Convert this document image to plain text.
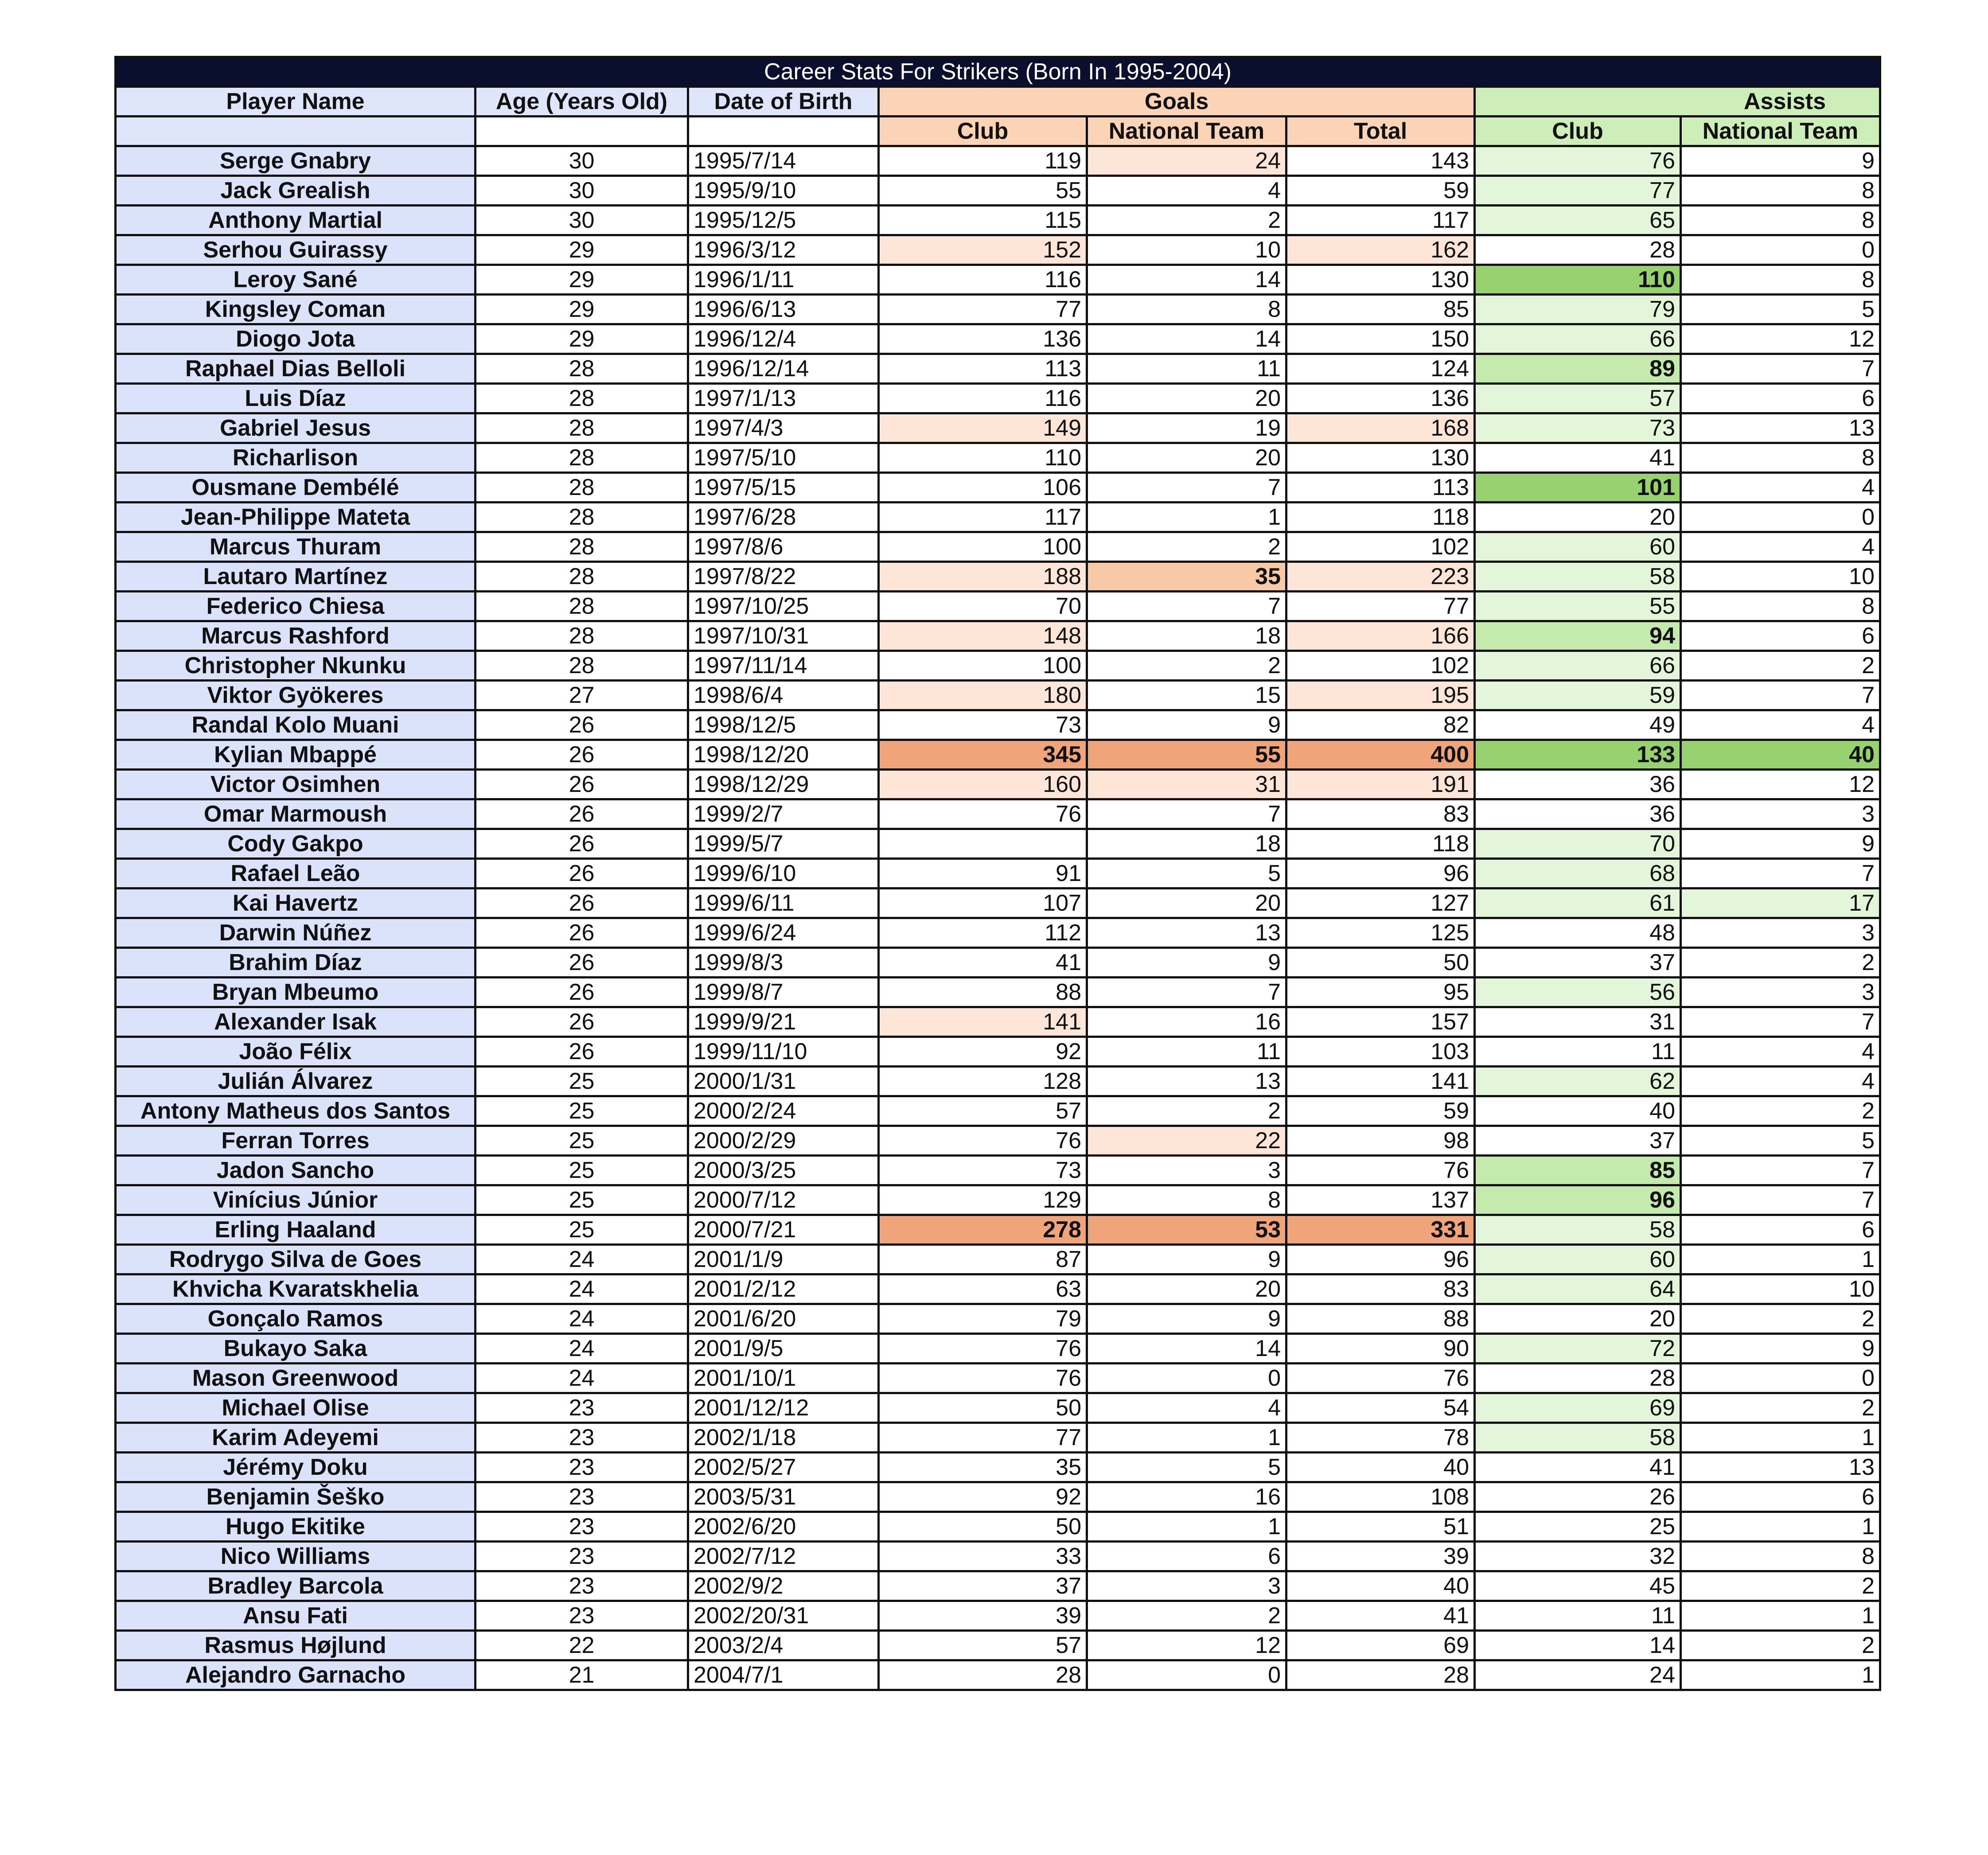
Career Stats For Strikers (Born In 1995-2004)							
Player Name	Age (Years Old)	Date of Birth	Goals			Assists	
			Club	National Team	Total	Club	National Team
Serge Gnabry	30	1995/7/14	119	24	143	76	9
Jack Grealish	30	1995/9/10	55	4	59	77	8
Anthony Martial	30	1995/12/5	115	2	117	65	8
Serhou Guirassy	29	1996/3/12	152	10	162	28	0
Leroy Sané	29	1996/1/11	116	14	130	110	8
Kingsley Coman	29	1996/6/13	77	8	85	79	5
Diogo Jota	29	1996/12/4	136	14	150	66	12
Raphael Dias Belloli	28	1996/12/14	113	11	124	89	7
Luis Díaz	28	1997/1/13	116	20	136	57	6
Gabriel Jesus	28	1997/4/3	149	19	168	73	13
Richarlison	28	1997/5/10	110	20	130	41	8
Ousmane Dembélé	28	1997/5/15	106	7	113	101	4
Jean-Philippe Mateta	28	1997/6/28	117	1	118	20	0
Marcus Thuram	28	1997/8/6	100	2	102	60	4
Lautaro Martínez	28	1997/8/22	188	35	223	58	10
Federico Chiesa	28	1997/10/25	70	7	77	55	8
Marcus Rashford	28	1997/10/31	148	18	166	94	6
Christopher Nkunku	28	1997/11/14	100	2	102	66	2
Viktor Gyökeres	27	1998/6/4	180	15	195	59	7
Randal Kolo Muani	26	1998/12/5	73	9	82	49	4
Kylian Mbappé	26	1998/12/20	345	55	400	133	40
Victor Osimhen	26	1998/12/29	160	31	191	36	12
Omar Marmoush	26	1999/2/7	76	7	83	36	3
Cody Gakpo	26	1999/5/7		18	118	70	9
Rafael Leão	26	1999/6/10	91	5	96	68	7
Kai Havertz	26	1999/6/11	107	20	127	61	17
Darwin Núñez	26	1999/6/24	112	13	125	48	3
Brahim Díaz	26	1999/8/3	41	9	50	37	2
Bryan Mbeumo	26	1999/8/7	88	7	95	56	3
Alexander Isak	26	1999/9/21	141	16	157	31	7
João Félix	26	1999/11/10	92	11	103	11	4
Julián Álvarez	25	2000/1/31	128	13	141	62	4
Antony Matheus dos Santos	25	2000/2/24	57	2	59	40	2
Ferran Torres	25	2000/2/29	76	22	98	37	5
Jadon Sancho	25	2000/3/25	73	3	76	85	7
Vinícius Júnior	25	2000/7/12	129	8	137	96	7
Erling Haaland	25	2000/7/21	278	53	331	58	6
Rodrygo Silva de Goes	24	2001/1/9	87	9	96	60	1
Khvicha Kvaratskhelia	24	2001/2/12	63	20	83	64	10
Gonçalo Ramos	24	2001/6/20	79	9	88	20	2
Bukayo Saka	24	2001/9/5	76	14	90	72	9
Mason Greenwood	24	2001/10/1	76	0	76	28	0
Michael Olise	23	2001/12/12	50	4	54	69	2
Karim Adeyemi	23	2002/1/18	77	1	78	58	1
Jérémy Doku	23	2002/5/27	35	5	40	41	13
Benjamin Šeško	23	2003/5/31	92	16	108	26	6
Hugo Ekitike	23	2002/6/20	50	1	51	25	1
Nico Williams	23	2002/7/12	33	6	39	32	8
Bradley Barcola	23	2002/9/2	37	3	40	45	2
Ansu Fati	23	2002/20/31	39	2	41	11	1
Rasmus Højlund	22	2003/2/4	57	12	69	14	2
Alejandro Garnacho	21	2004/7/1	28	0	28	24	1
